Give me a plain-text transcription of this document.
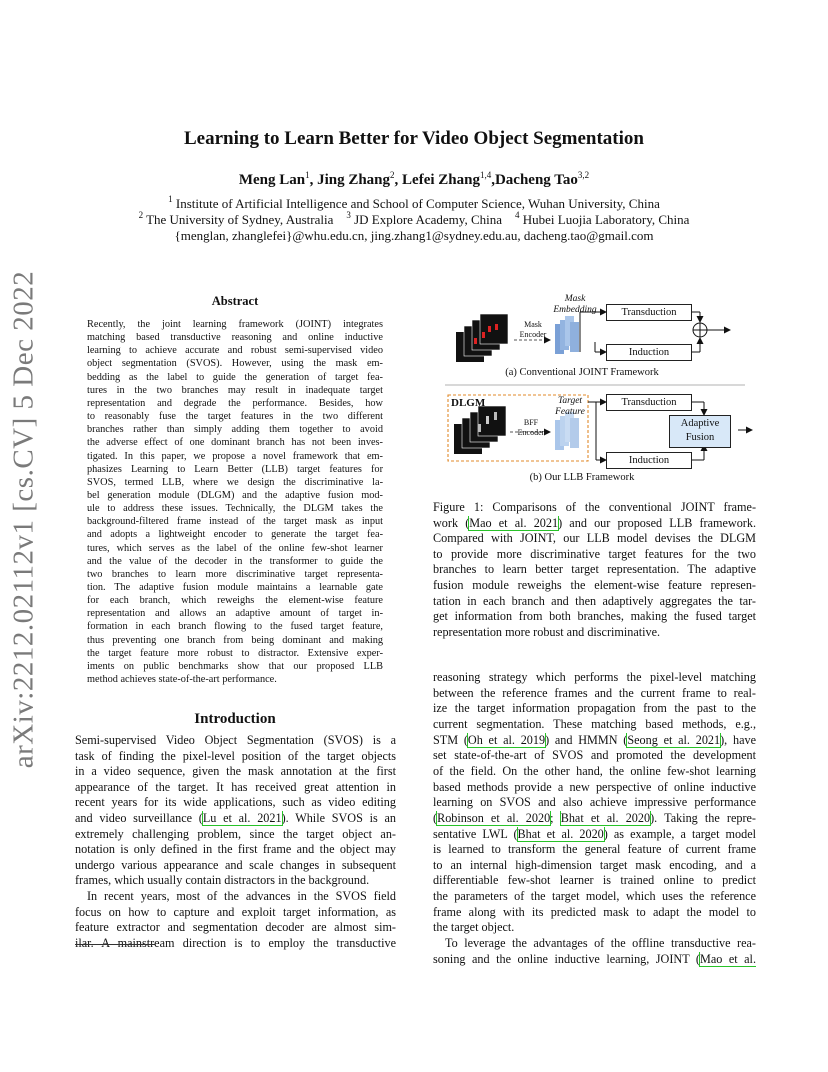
arXiv:2212.02112v1 [cs.CV] 5 Dec 2022
Learning to Learn Better for Video Object Segmentation
Meng Lan$^1$, Jing Zhang$^2$, Lefei Zhang$^{1,4}$,Dacheng Tao$^{3,2}$
$^1$ Institute of Artificial Intelligence and School of Computer Science, Wuhan University, China
$^2$ The University of Sydney, Australia $^3$ JD Explore Academy, China $^4$ Hubei Luojia Laboratory, China
{menglan, zhanglefei}@whu.edu.cn, jing.zhang1@sydney.edu.au, dacheng.tao@gmail.com
Abstract
Recently, the joint learning framework (JOINT) integrates
matching based transductive reasoning and online inductive
learning to achieve accurate and robust semi-supervised video
object segmentation (SVOS). However, using the mask em-
bedding as the label to guide the generation of target fea-
tures in the two branches may result in inadequate target
representation and degrade the performance. Besides, how
to reasonably fuse the target features in the two different
branches rather than simply adding them together to avoid
the adverse effect of one dominant branch has not been inves-
tigated. In this paper, we propose a novel framework that em-
phasizes Learning to Learn Better (LLB) target features for
SVOS, termed LLB, where we design the discriminative la-
bel generation module (DLGM) and the adaptive fusion mod-
ule to address these issues. Technically, the DLGM takes the
background-filtered frame instead of the target mask as input
and adopts a lightweight encoder to generate the target fea-
tures, which serves as the label of the online few-shot learner
and the value of the decoder in the transformer to guide the
two branches to learn more discriminative target representa-
tion. The adaptive fusion module maintains a learnable gate
for each branch, which reweighs the element-wise feature
representation and allows an adaptive amount of target in-
formation in each branch flowing to the fused target feature,
thus preventing one branch from being dominant and making
the target feature more robust to distractor. Extensive exper-
iments on public benchmarks show that our proposed LLB
method achieves state-of-the-art performance.
Introduction
Semi-supervised Video Object Segmentation (SVOS) is a
task of finding the pixel-level position of the target objects
in a video sequence, given the mask annotation at the first
appearance of the target. It has received great attention in
recent years for its wide applications, such as video editing
and video surveillance (Lu et al. 2021). While SVOS is an
extremely challenging problem, since the target object an-
notation is only defined in the first frame and the object may
undergo various appearance and scale changes in subsequent
frames, which usually contain distractors in the background.
In recent years, most of the advances in the SVOS field
focus on how to capture and exploit target information, as
feature extractor and segmentation decoder are almost sim-
ilar. A mainstream direction is to employ the transductive
reasoning strategy which performs the pixel-level matching
between the reference frames and the current frame to real-
ize the target information propagation from the past to the
current segmentation. These matching based methods, e.g.,
STM (Oh et al. 2019) and HMMN (Seong et al. 2021), have
set state-of-the-art of SVOS and promoted the development
of the field. On the other hand, the online few-shot learning
based methods provide a new perspective of online inductive
learning on SVOS and also achieve impressive performance
(Robinson et al. 2020; Bhat et al. 2020). Taking the repre-
sentative LWL (Bhat et al. 2020) as example, a target model
is learned to transform the general feature of current frame
to an internal high-dimension target mask encoding, and a
differentiable few-shot learner is trained online to predict
the parameters of the target model, which uses the reference
frame along with its predicted mask to adapt the model to
the target object.
To leverage the advantages of the offline transductive rea-
soning and the online inductive learning, JOINT (Mao et al.
Mask
Embedding
Mask
Encoder
Transduction
Induction
(a) Conventional JOINT Framework
DLGM	Target
Feature
BFF
Encoder
Transduction
Adaptive
Fusion
Induction
(b) Our LLB Framework
Figure 1: Comparisons of the conventional JOINT frame-
work (Mao et al. 2021) and our proposed LLB framework.
Compared with JOINT, our LLB model devises the DLGM
to provide more discriminative target features for the two
branches to learn better target representation. The adaptive
fusion module reweighs the element-wise feature represen-
tation in each branch and then adaptively aggregates the tar-
get information from both branches, making the fused target
representation more robust and discriminative.
